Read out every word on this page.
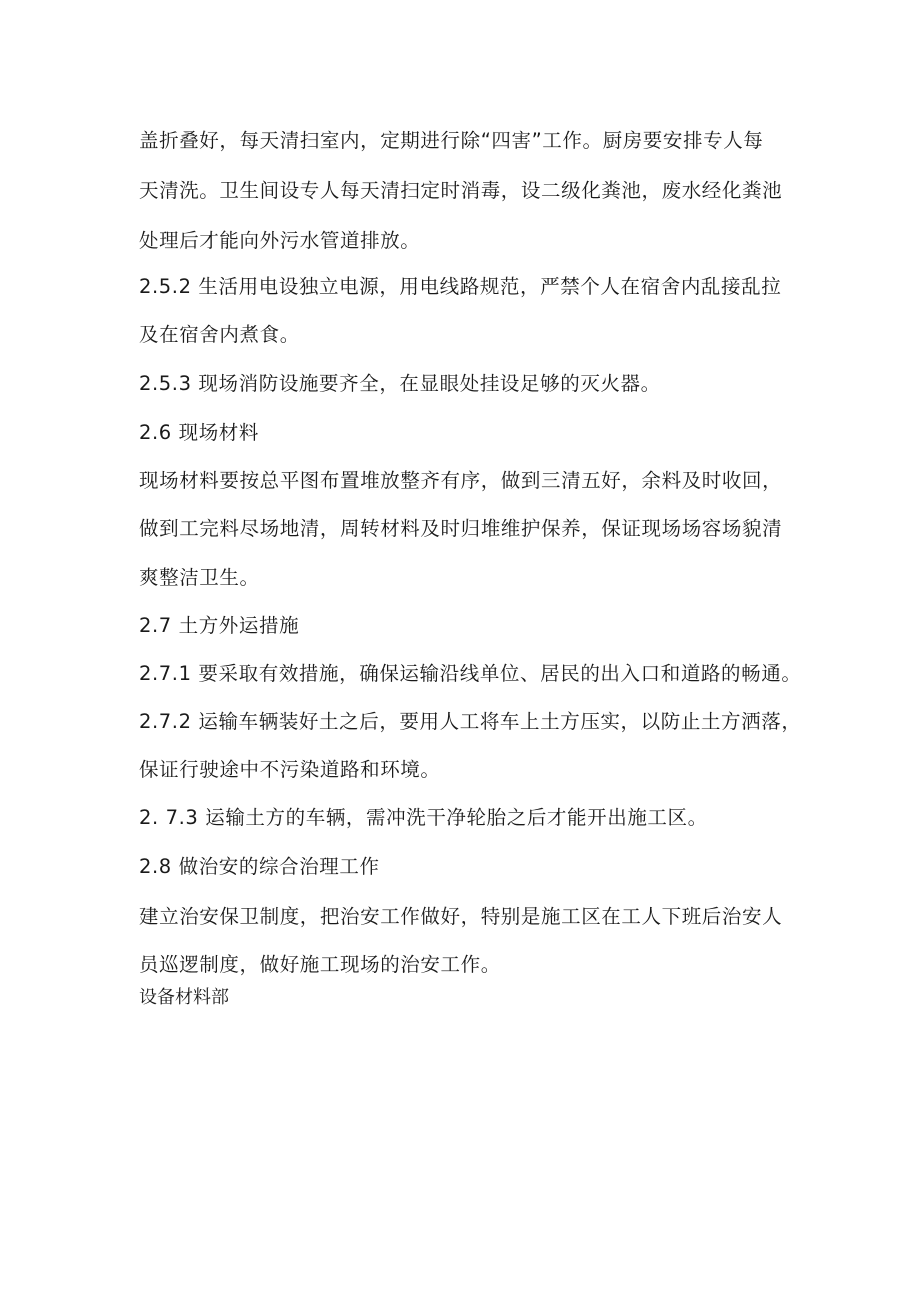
盖折叠好，每天清扫室内，定期进行除“四害”工作。厨房要安排专人每
天清洗。卫生间设专人每天清扫定时消毒，设二级化粪池，废水经化粪池
处理后才能向外污水管道排放。
2.5.2 生活用电设独立电源，用电线路规范，严禁个人在宿舍内乱接乱拉
及在宿舍内煮食。
2.5.3 现场消防设施要齐全，在显眼处挂设足够的灭火器。
2.6 现场材料
现场材料要按总平图布置堆放整齐有序，做到三清五好，余料及时收回，
做到工完料尽场地清，周转材料及时归堆维护保养，保证现场场容场貌清
爽整洁卫生。
2.7 土方外运措施
2.7.1 要采取有效措施，确保运输沿线单位、居民的出入口和道路的畅通。
2.7.2 运输车辆装好土之后，要用人工将车上土方压实，以防止土方洒落，
保证行驶途中不污染道路和环境。
2. 7.3 运输土方的车辆，需冲洗干净轮胎之后才能开出施工区。
2.8 做治安的综合治理工作
建立治安保卫制度，把治安工作做好，特别是施工区在工人下班后治安人
员巡逻制度，做好施工现场的治安工作。
设备材料部
